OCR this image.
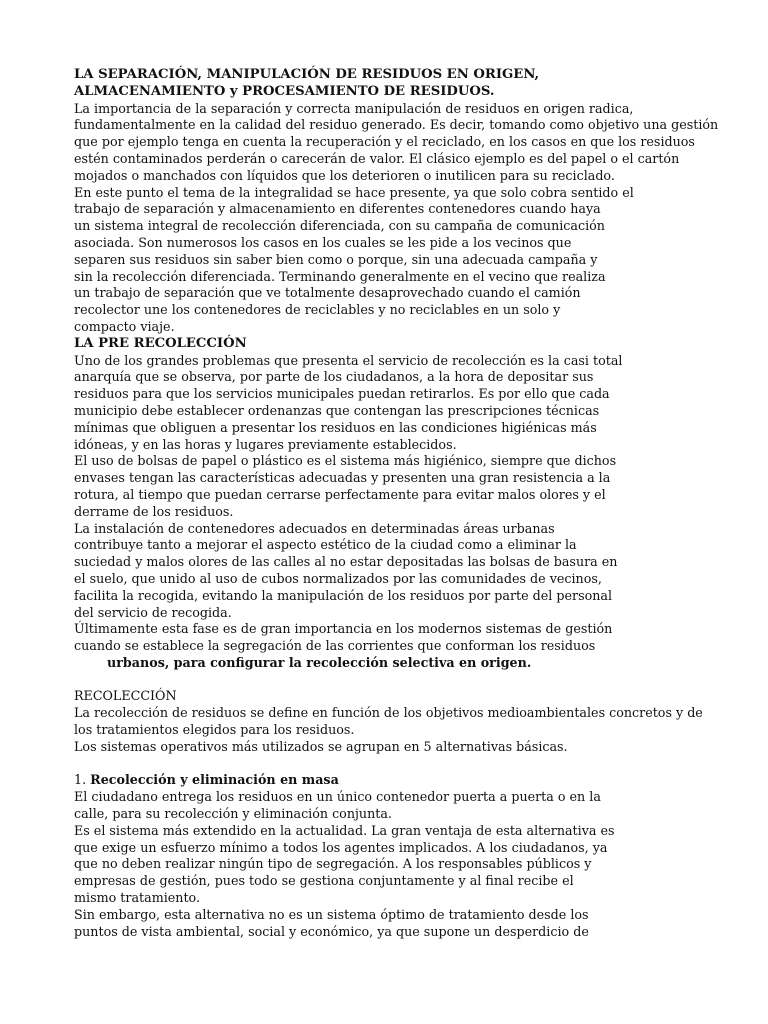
LA SEPARACIÓN, MANIPULACIÓN DE RESIDUOS EN ORIGEN,
ALMACENAMIENTO y PROCESAMIENTO DE RESIDUOS.
La importancia de la separación y correcta manipulación de residuos en origen radica,
fundamentalmente en la calidad del residuo generado. Es decir, tomando como objetivo una gestión
que por ejemplo tenga en cuenta la recuperación y el reciclado, en los casos en que los residuos
estén contaminados perderán o carecerán de valor. El clásico ejemplo es del papel o el cartón
mojados o manchados con líquidos que los deterioren o inutilicen para su reciclado.
En este punto el tema de la integralidad se hace presente, ya que solo cobra sentido el
trabajo de separación y almacenamiento en diferentes contenedores cuando haya
un sistema integral de recolección diferenciada, con su campaña de comunicación
asociada. Son numerosos los casos en los cuales se les pide a los vecinos que
separen sus residuos sin saber bien como o porque, sin una adecuada campaña y
sin la recolección diferenciada. Terminando generalmente en el vecino que realiza
un trabajo de separación que ve totalmente desaprovechado cuando el camión
recolector une los contenedores de reciclables y no reciclables en un solo y
compacto viaje.
LA PRE RECOLECCIÓN
Uno de los grandes problemas que presenta el servicio de recolección es la casi total
anarquía que se observa, por parte de los ciudadanos, a la hora de depositar sus
residuos para que los servicios municipales puedan retirarlos. Es por ello que cada
municipio debe establecer ordenanzas que contengan las prescripciones técnicas
mínimas que obliguen a presentar los residuos en las condiciones higiénicas más
idóneas, y en las horas y lugares previamente establecidos.
El uso de bolsas de papel o plástico es el sistema más higiénico, siempre que dichos
envases tengan las características adecuadas y presenten una gran resistencia a la
rotura, al tiempo que puedan cerrarse perfectamente para evitar malos olores y el
derrame de los residuos.
La instalación de contenedores adecuados en determinadas áreas urbanas
contribuye tanto a mejorar el aspecto estético de la ciudad como a eliminar la
suciedad y malos olores de las calles al no estar depositadas las bolsas de basura en
el suelo, que unido al uso de cubos normalizados por las comunidades de vecinos,
facilita la recogida, evitando la manipulación de los residuos por parte del personal
del servicio de recogida.
Últimamente esta fase es de gran importancia en los modernos sistemas de gestión
cuando se establece la segregación de las corrientes que conforman los residuos
urbanos, para configurar la recolección selectiva en origen.
RECOLECCIÓN
La recolección de residuos se define en función de los objetivos medioambientales concretos y de
los tratamientos elegidos para los residuos.
Los sistemas operativos más utilizados se agrupan en 5 alternativas básicas.
1. Recolección y eliminación en masa
El ciudadano entrega los residuos en un único contenedor puerta a puerta o en la
calle, para su recolección y eliminación conjunta.
Es el sistema más extendido en la actualidad. La gran ventaja de esta alternativa es
que exige un esfuerzo mínimo a todos los agentes implicados. A los ciudadanos, ya
que no deben realizar ningún tipo de segregación. A los responsables públicos y
empresas de gestión, pues todo se gestiona conjuntamente y al final recibe el
mismo tratamiento.
Sin embargo, esta alternativa no es un sistema óptimo de tratamiento desde los
puntos de vista ambiental, social y económico, ya que supone un desperdicio de
